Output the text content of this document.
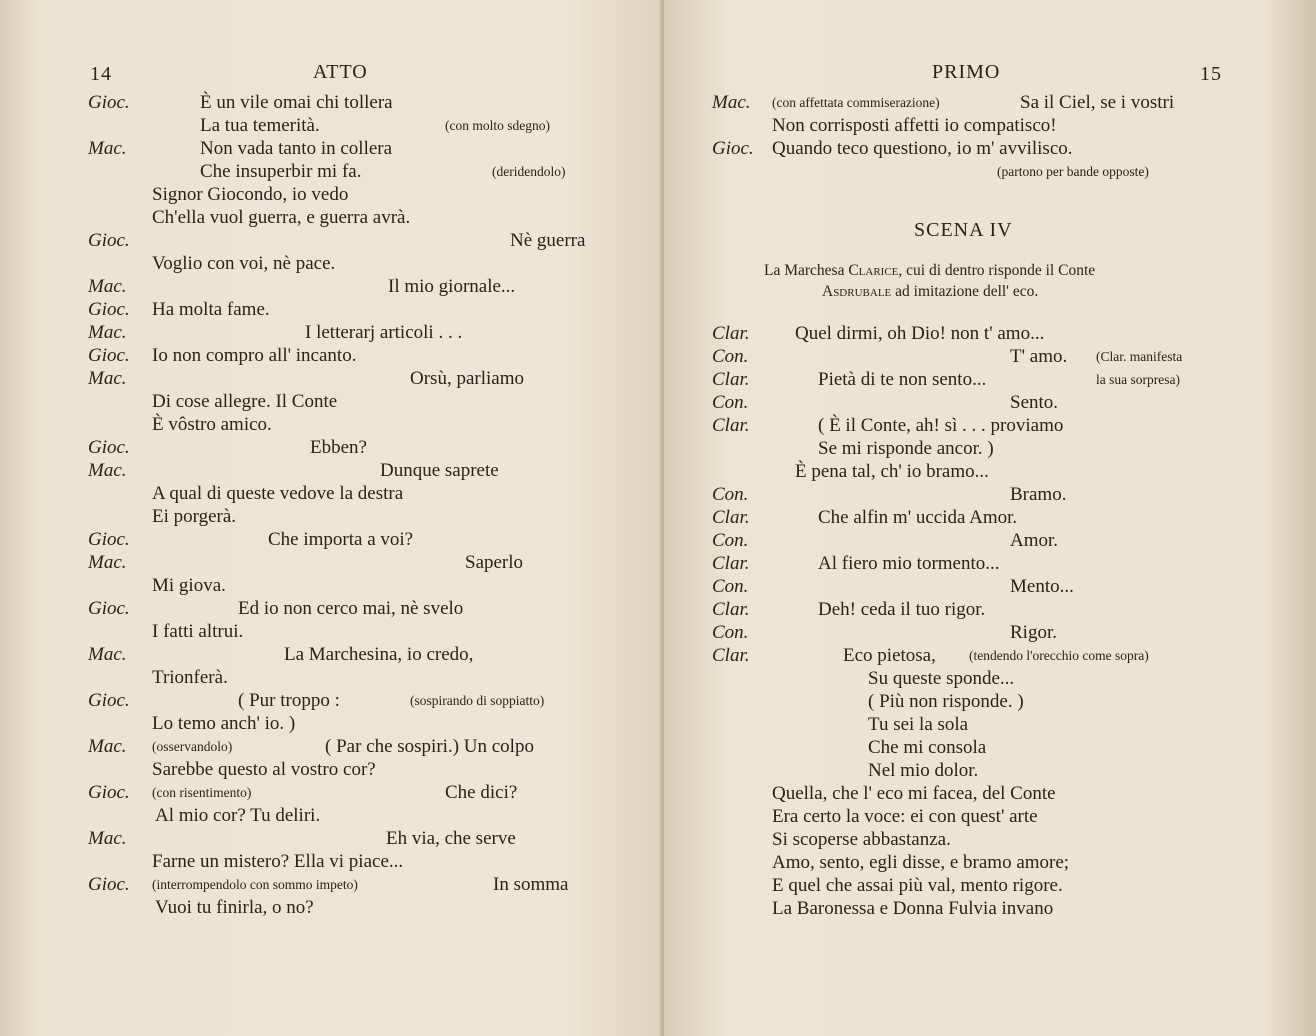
14	ATTO
Gioc.	È un vile omai chi tollera
La tua temerità.	(con molto sdegno)
Mac.	Non vada tanto in collera
Che insuperbir mi fa.	(deridendolo)
Signor Giocondo, io vedo
Ch'ella vuol guerra, e guerra avrà.
Gioc.	Nè guerra
Voglio con voi, nè pace.
Mac.	Il mio giornale...
Gioc. Ha molta fame.
Mac.	I letterarj articoli . . .
Gioc. Io non compro all' incanto.
Mac.	Orsù, parliamo
Di cose allegre. Il Conte
È vôstro amico.
Gioc.	Ebben?
Mac.	Dunque saprete
A qual di queste vedove la destra
Ei porgerà.
Gioc.	Che importa a voi?
Mac.	Saperlo
Mi giova.
Gioc.	Ed io non cerco mai, nè svelo
I fatti altrui.
Mac.	La Marchesina, io credo,
Trionferà.
Gioc.	( Pur troppo :	(sospirando di soppiatto)
Lo temo anch' io. )
Mac. (osservandolo)	( Par che sospiri.) Un colpo
Sarebbe questo al vostro cor?
Gioc. (con risentimento)	Che dici?
Al mio cor? Tu deliri.
Mac.	Eh via, che serve
Farne un mistero? Ella vi piace...
Gioc. (interrompendolo con sommo impeto)	In somma
Vuoi tu finirla, o no?
PRIMO	15
SCENA IV
La Marchesa Clarice, cui di dentro risponde il Conte
Asdrubale ad imitazione dell' eco.
Mac.	Sa il Ciel, se i vostri
(con affettata commiserazione)
Non corrisposti affetti io compatisco!
Gioc. Quando teco questiono, io m' avvilisco.
(partono per bande opposte)
Clar. Quel dirmi, oh Dio! non t' amo...
Con.	T' amo. (Clar. manifesta
Clar.	Pietà di te non sento...	la sua sorpresa)
Con.	Sento.
Clar.	( È il Conte, ah! sì . . . proviamo
Se mi risponde ancor. )
È pena tal, ch' io bramo...
Con.	Bramo.
Clar.	Che alfin m' uccida Amor.
Con.	Amor.
Clar.	Al fiero mio tormento...
Con.	Mento...
Clar.	Deh! ceda il tuo rigor.
Con.	Rigor.
Clar.	Eco pietosa, (tendendo l'orecchio come sopra)
Su queste sponde...
( Più non risponde. )
Tu sei la sola
Che mi consola
Nel mio dolor.
Quella, che l' eco mi facea, del Conte
Era certo la voce: ei con quest' arte
Si scoperse abbastanza.
Amo, sento, egli disse, e bramo amore;
E quel che assai più val, mento rigore.
La Baronessa e Donna Fulvia invano
